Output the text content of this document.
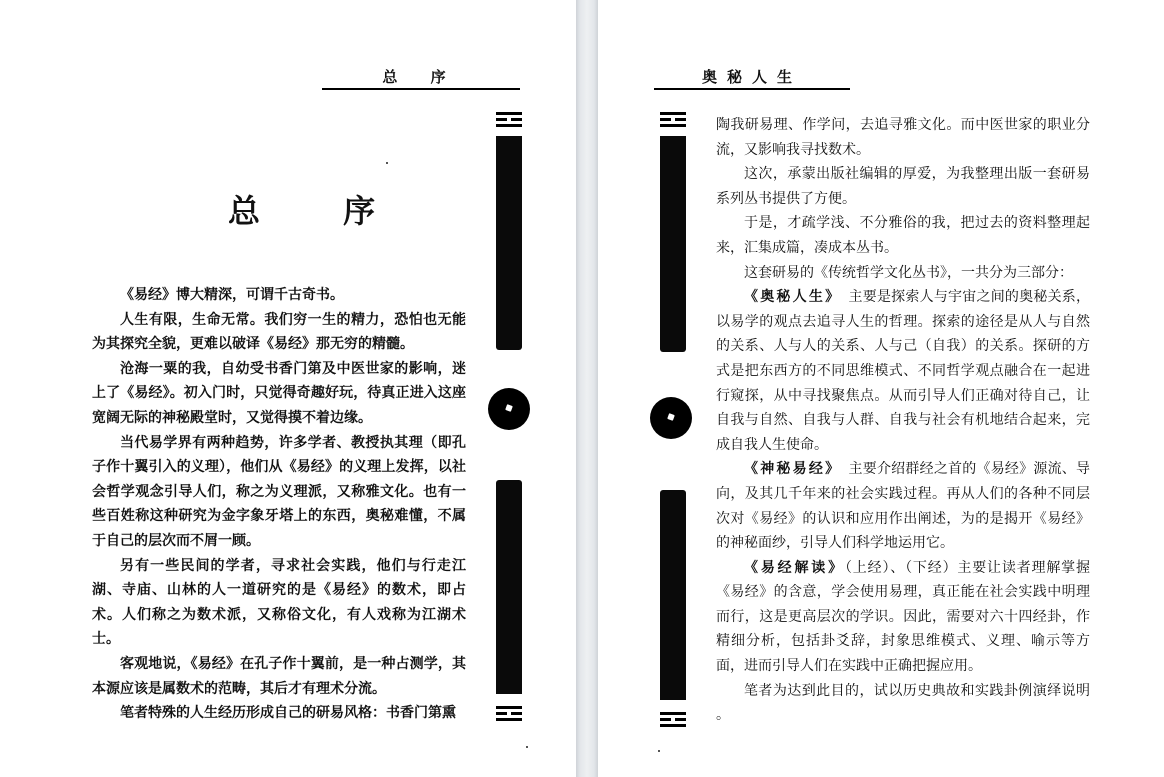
总 序
总 序

《易经》博大精深，可谓千古奇书。

人生有限，生命无常。我们穷一生的精力，恐怕也无能为其探究全貌，更难以破译《易经》那无穷的精髓。

沧海一粟的我，自幼受书香门第及中医世家的影响，迷上了《易经》。初入门时，只觉得奇趣好玩，待真正进入这座宽阔无际的神秘殿堂时，又觉得摸不着边缘。

当代易学界有两种趋势，许多学者、教授执其理（即孔子作十翼引入的义理），他们从《易经》的义理上发挥，以社会哲学观念引导人们，称之为义理派，又称雅文化。也有一些百姓称这种研究为金字象牙塔上的东西，奥秘难懂，不属于自己的层次而不屑一顾。

另有一些民间的学者，寻求社会实践，他们与行走江湖、寺庙、山林的人一道研究的是《易经》的数术，即占术。人们称之为数术派，又称俗文化，有人戏称为江湖术士。

客观地说，《易经》在孔子作十翼前，是一种占测学，其本源应该是属数术的范畴，其后才有理术分流。

笔者特殊的人生经历形成自己的研易风格：书香门第熏

奥秘人生

陶我研易理、作学问，去追寻雅文化。而中医世家的职业分流，又影响我寻找数术。

这次，承蒙出版社编辑的厚爱，为我整理出版一套研易系列丛书提供了方便。

于是，才疏学浅、不分雅俗的我，把过去的资料整理起来，汇集成篇，凑成本丛书。

这套研易的《传统哲学文化丛书》，一共分为三部分：

《奥秘人生》　 主要是探索人与宇宙之间的奥秘关系，以易学的观点去追寻人生的哲理。探索的途径是从人与自然的关系、人与人的关系、人与己（自我）的关系。探研的方式是把东西方的不同思维模式、不同哲学观点融合在一起进行窥探，从中寻找聚焦点。从而引导人们正确对待自己，让自我与自然、自我与人群、自我与社会有机地结合起来，完成自我人生使命。

《神秘易经》　 主要介绍群经之首的《易经》源流、导向，及其几千年来的社会实践过程。再从人们的各种不同层次对《易经》的认识和应用作出阐述，为的是揭开《易经》的神秘面纱，引导人们科学地运用它。

《易经解读》（上经）、（下经）主要让读者理解掌握《易经》的含意，学会使用易理，真正能在社会实践中明理而行，这是更高层次的学识。因此，需要对六十四经卦，作精细分析，包括卦爻辞，封象思维模式、义理、喻示等方面，进而引导人们在实践中正确把握应用。

笔者为达到此目的，试以历史典故和实践卦例演绎说明 。
